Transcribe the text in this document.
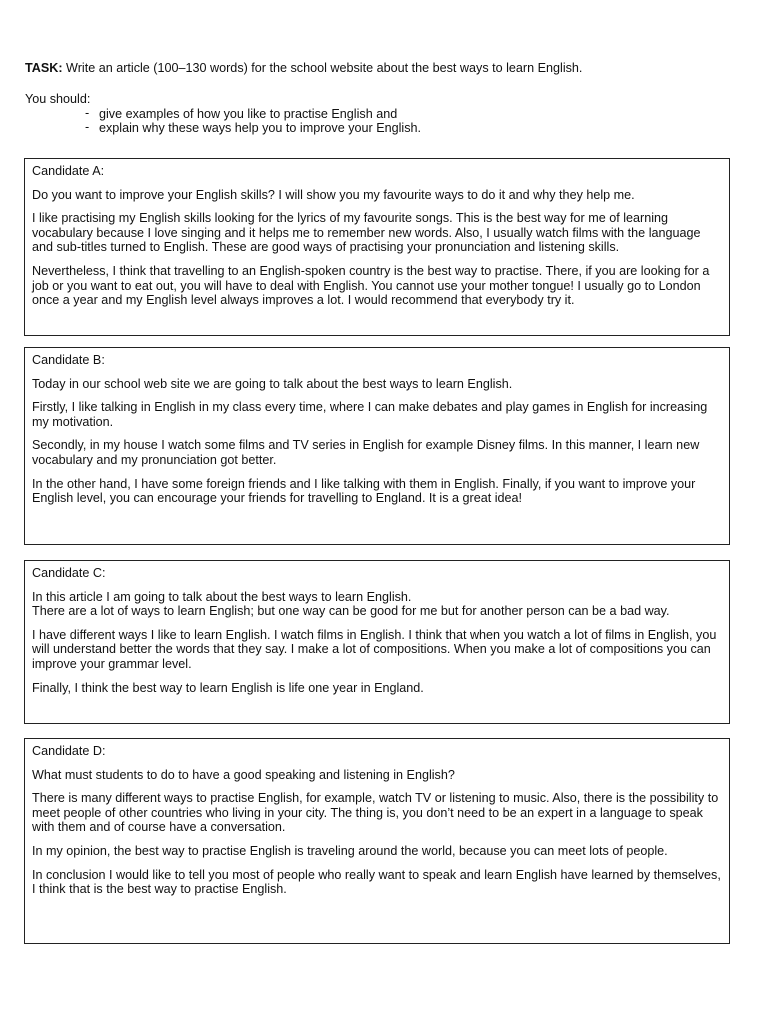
TASK: Write an article (100–130 words) for the school website about the best ways to learn English.
You should:
- give examples of how you like to practise English and
- explain why these ways help you to improve your English.

Candidate A:

Do you want to improve your English skills? I will show you my favourite ways to do it and why they help me.

I like practising my English skills looking for the lyrics of my favourite songs. This is the best way for me of learning vocabulary because I love singing and it helps me to remember new words. Also, I usually watch films with the language and sub-titles turned to English. These are good ways of practising your pronunciation and listening skills.

Nevertheless, I think that travelling to an English-spoken country is the best way to practise. There, if you are looking for a job or you want to eat out, you will have to deal with English. You cannot use your mother tongue! I usually go to London once a year and my English level always improves a lot. I would recommend that everybody try it.

Candidate B:

Today in our school web site we are going to talk about the best ways to learn English.

Firstly, I like talking in English in my class every time, where I can make debates and play games in English for increasing my motivation.

Secondly, in my house I watch some films and TV series in English for example Disney films. In this manner, I learn new vocabulary and my pronunciation got better.

In the other hand, I have some foreign friends and I like talking with them in English. Finally, if you want to improve your English level, you can encourage your friends for travelling to England. It is a great idea!

Candidate C:

In this article I am going to talk about the best ways to learn English.

There are a lot of ways to learn English; but one way can be good for me but for another person can be a bad way.

I have different ways I like to learn English. I watch films in English. I think that when you watch a lot of films in English, you will understand better the words that they say. I make a lot of compositions. When you make a lot of compositions you can improve your grammar level.

Finally, I think the best way to learn English is life one year in England.

Candidate D:

What must students to do to have a good speaking and listening in English?

There is many different ways to practise English, for example, watch TV or listening to music. Also, there is the possibility to meet people of other countries who living in your city. The thing is, you don’t need to be an expert in a language to speak with them and of course have a conversation.

In my opinion, the best way to practise English is traveling around the world, because you can meet lots of people.

In conclusion I would like to tell you most of people who really want to speak and learn English have learned by themselves, I think that is the best way to practise English.
